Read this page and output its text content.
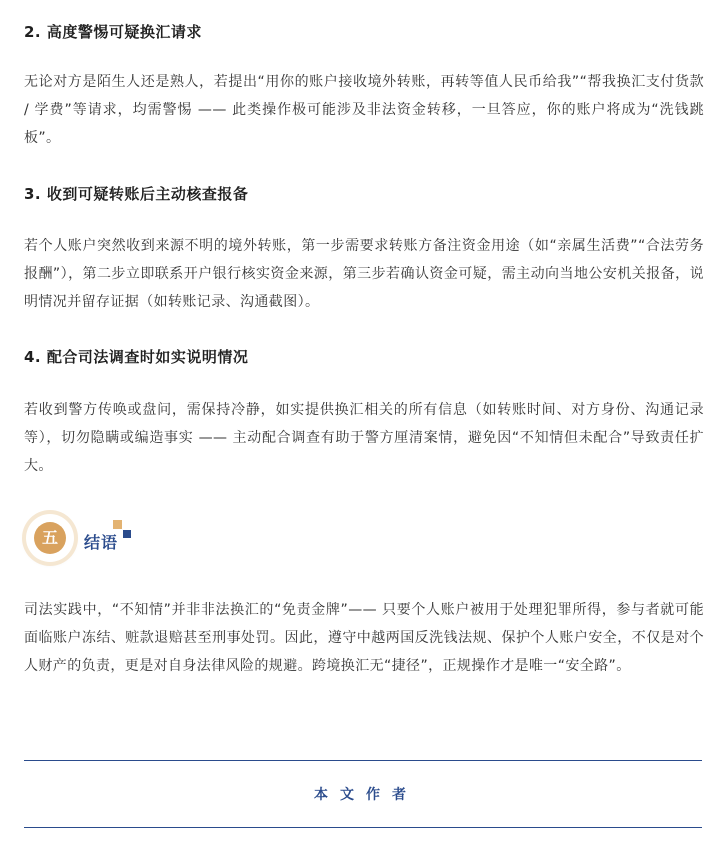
2. 高度警惕可疑换汇请求
无论对方是陌生人还是熟人，若提出“用你的账户接收境外转账，再转等值人民币给我”“帮我换汇支付货款 / 学费”等请求，均需警惕 —— 此类操作极可能涉及非法资金转移，一旦答应，你的账户将成为“洗钱跳板”。
3. 收到可疑转账后主动核查报备
若个人账户突然收到来源不明的境外转账，第一步需要求转账方备注资金用途（如“亲属生活费”“合法劳务报酬”），第二步立即联系开户银行核实资金来源，第三步若确认资金可疑，需主动向当地公安机关报备，说明情况并留存证据（如转账记录、沟通截图）。
4. 配合司法调查时如实说明情况
若收到警方传唤或盘问，需保持冷静，如实提供换汇相关的所有信息（如转账时间、对方身份、沟通记录等），切勿隐瞒或编造事实 —— 主动配合调查有助于警方厘清案情，避免因“不知情但未配合”导致责任扩大。
五	结语
司法实践中，“不知情”并非非法换汇的“免责金牌”—— 只要个人账户被用于处理犯罪所得，参与者就可能面临账户冻结、赃款退赔甚至刑事处罚。因此，遵守中越两国反洗钱法规、保护个人账户安全，不仅是对个人财产的负责，更是对自身法律风险的规避。跨境换汇无“捷径”，正规操作才是唯一“安全路”。
本文作者
